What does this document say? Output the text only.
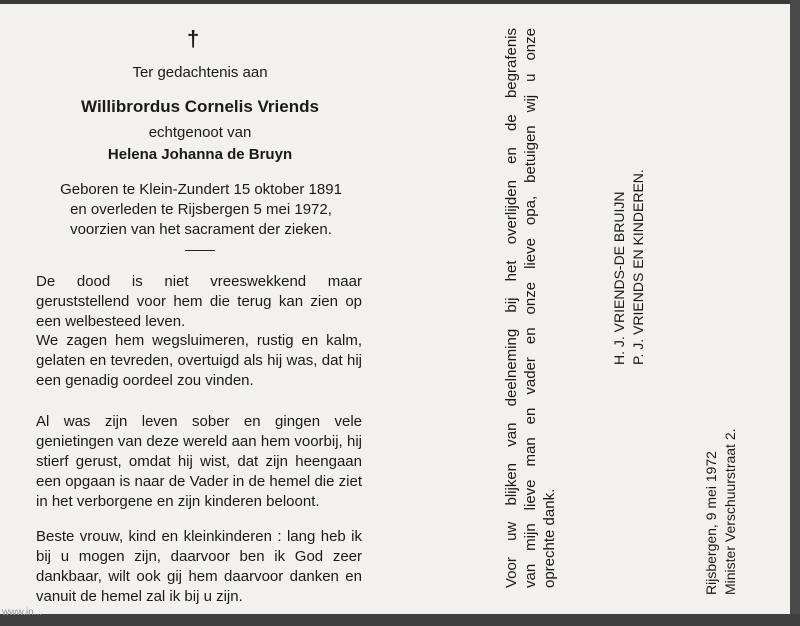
†
Ter gedachtenis aan
Willibrordus Cornelis Vriends
echtgenoot van
Helena Johanna de Bruyn
Geboren te Klein-Zundert 15 oktober 1891
en overleden te Rijsbergen 5 mei 1972,
voorzien van het sacrament der zieken.
De dood is niet vreeswekkend maar geruststellend voor hem die terug kan zien op een welbesteed leven.
We zagen hem wegsluimeren, rustig en kalm, gelaten en tevreden, overtuigd als hij was, dat hij een genadig oordeel zou vinden.
Al was zijn leven sober en gingen vele genietingen van deze wereld aan hem voorbij, hij stierf gerust, omdat hij wist, dat zijn heengaan een opgaan is naar de Vader in de hemel die ziet in het verborgene en zijn kinderen beloont.
Beste vrouw, kind en kleinkinderen : lang heb ik bij u mogen zijn, daarvoor ben ik God zeer dankbaar, wilt ook gij hem daarvoor danken en vanuit de hemel zal ik bij u zijn.
Voor uw blijken van deelneming bij het overlijden en de begrafenis van mijn lieve man en vader en onze lieve opa, betuigen wij u onze oprechte dank.
H. J. VRIENDS-DE BRUIJN P. J. VRIENDS EN KINDEREN.
Rijsbergen, 9 mei 1972 Minister Verschuurstraat 2.
www.in...
